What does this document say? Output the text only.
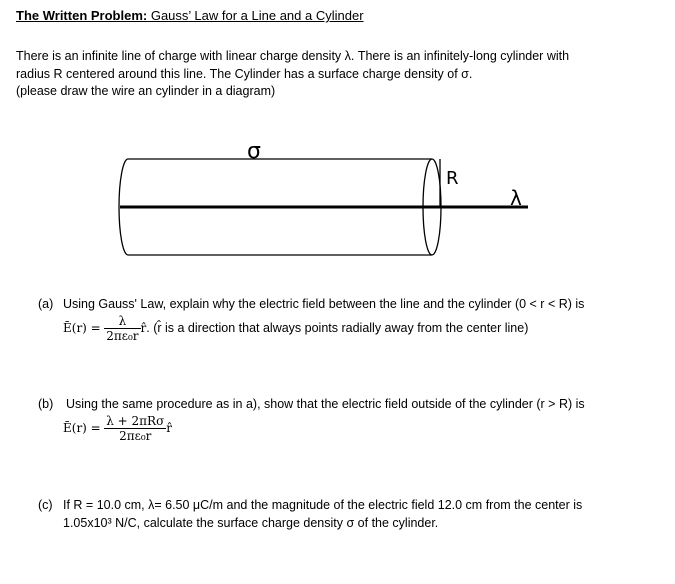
The Written Problem: Gauss’ Law for a Line and a Cylinder
There is an infinite line of charge with linear charge density λ. There is an infinitely-long cylinder with
radius R centered around this line. The Cylinder has a surface charge density of σ.
(please draw the wire an cylinder in a diagram)
σ
R
λ
(a) Using Gauss' Law, explain why the electric field between the line and the cylinder (0 < r < R) is
Ē(r) = $\frac{\lambda}{\text{2πε₀r}}$ r̂. (r̂ is a direction that always points radially away from the center line)
(b) Using the same procedure as in a), show that the electric field outside of the cylinder (r > R) is
Ē(r) = $\frac{\text{λ + 2πRσ}}{\text{2πε₀r}}$ r̂
(c) If R = 10.0 cm, λ= 6.50 μC/m and the magnitude of the electric field 12.0 cm from the center is
1.05x10³ N/C, calculate the surface charge density σ of the cylinder.
